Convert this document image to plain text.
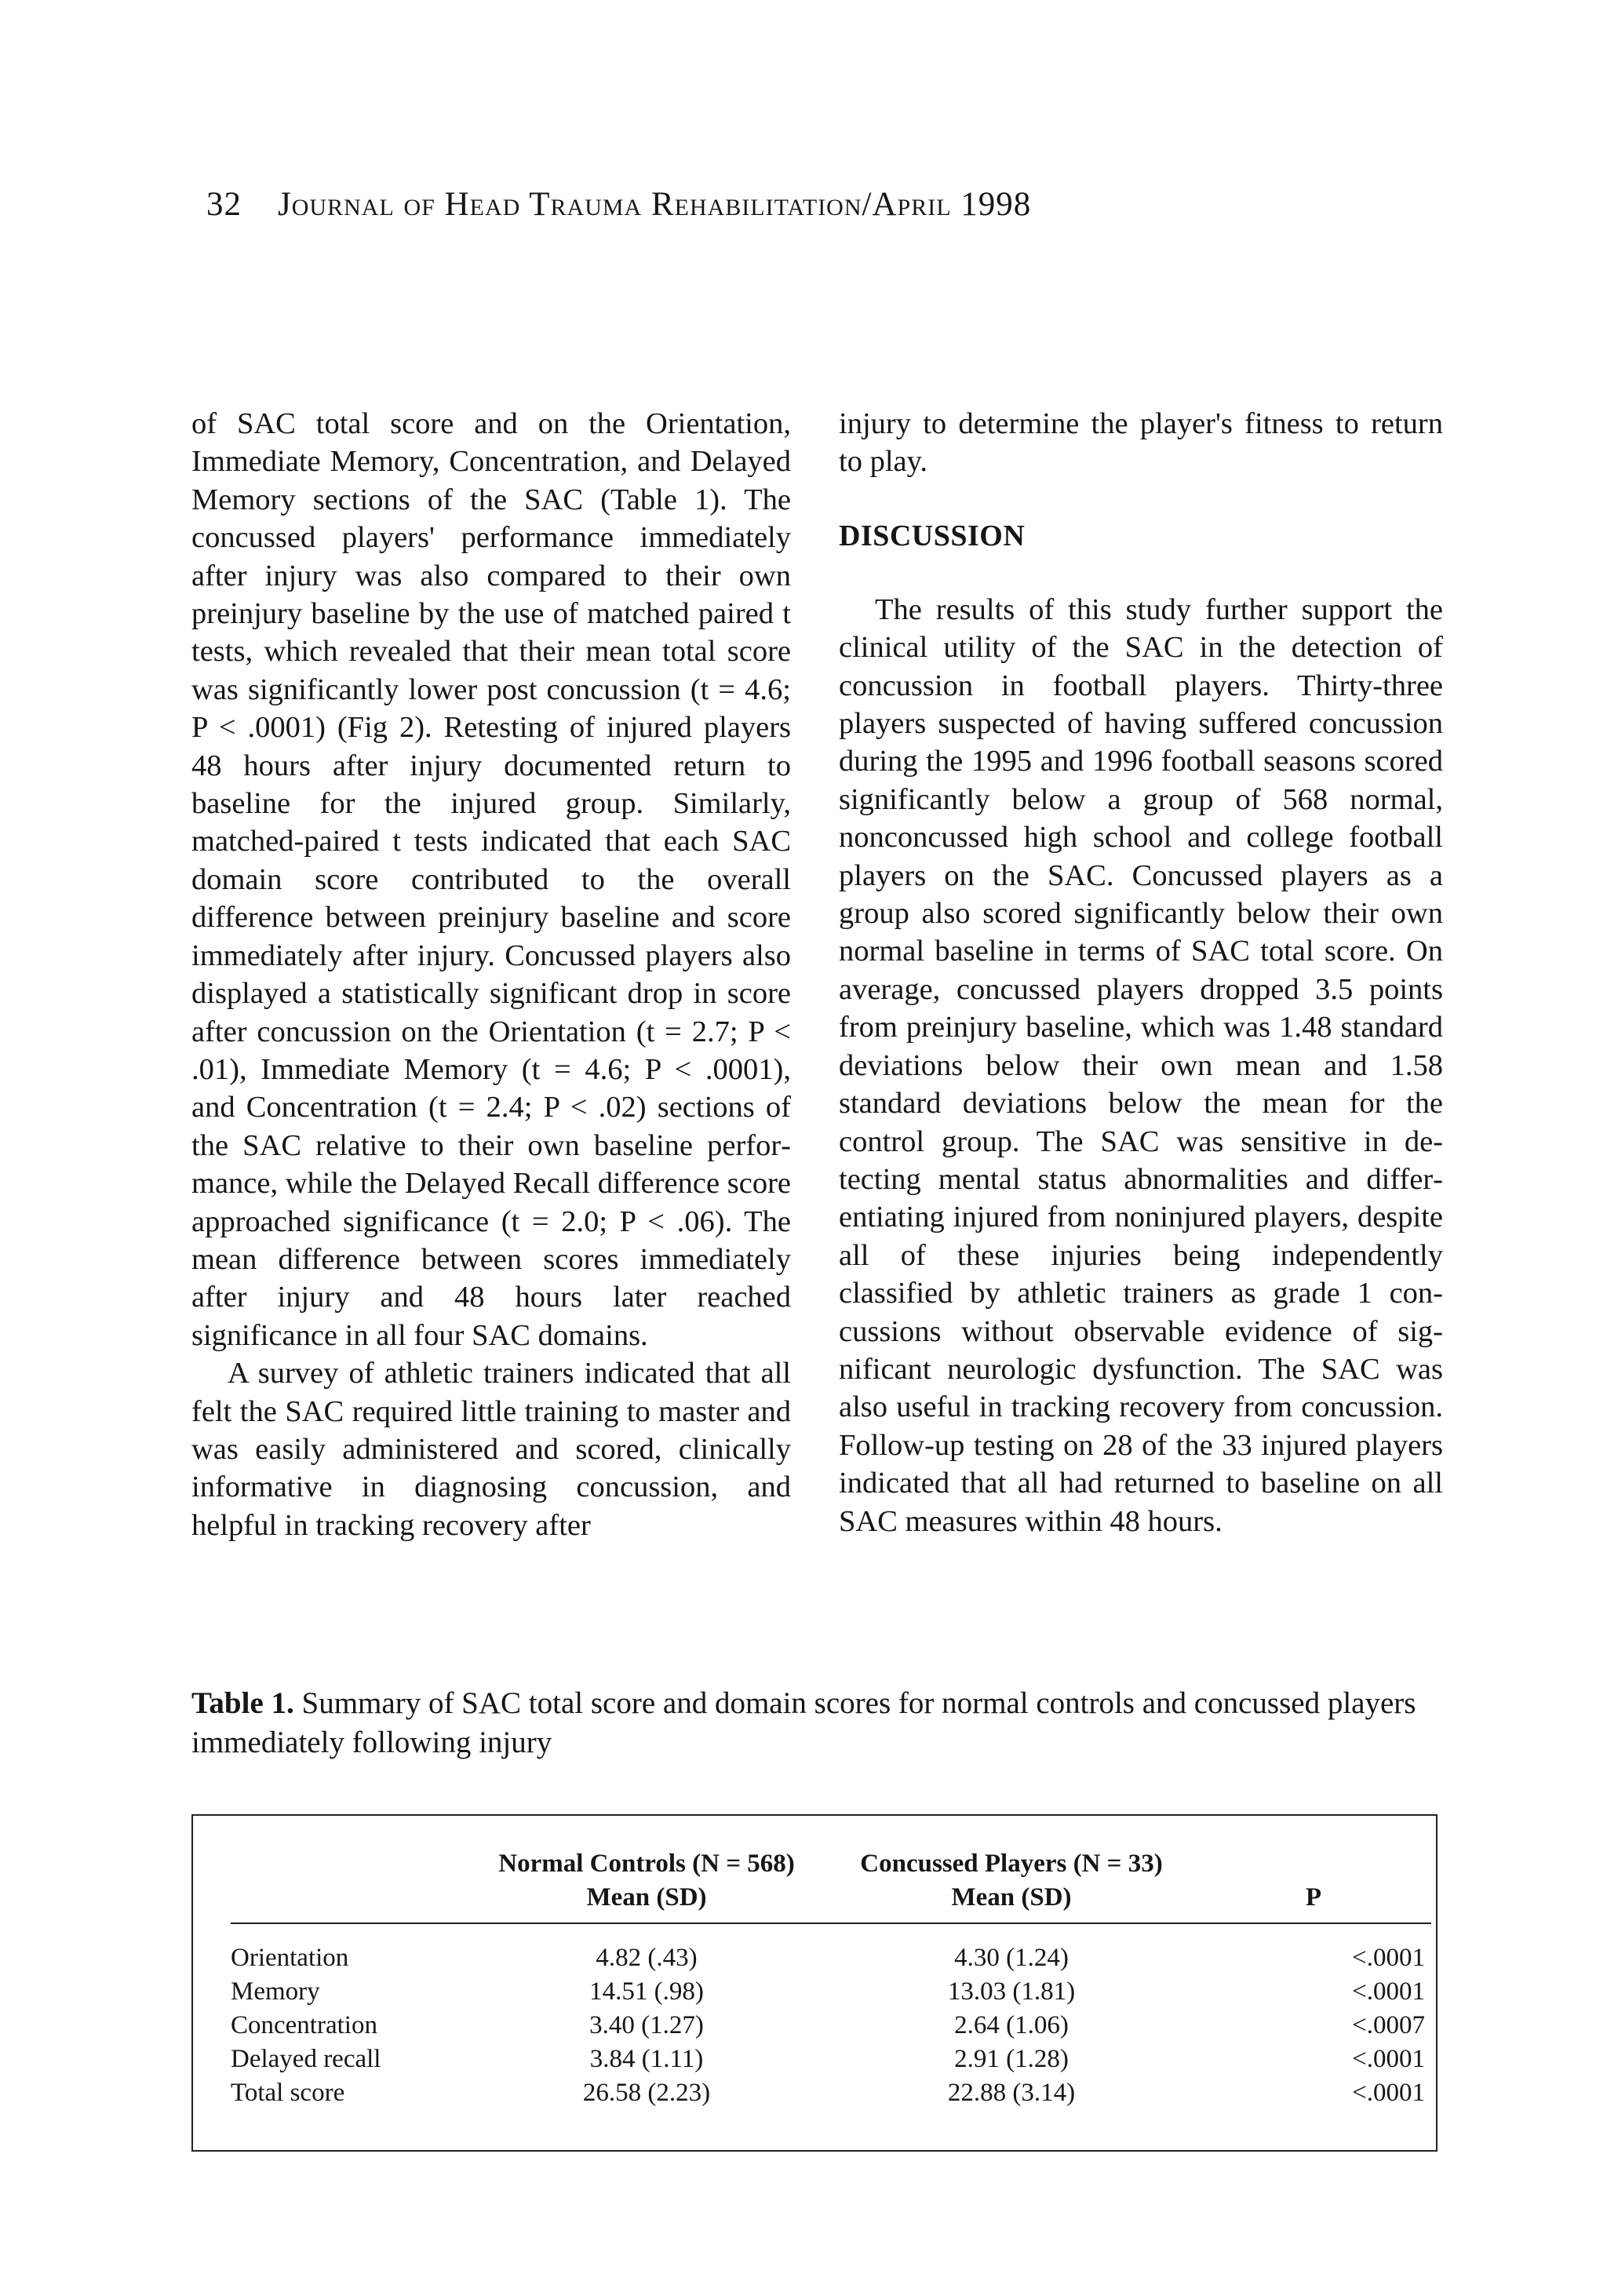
32 Journal of Head Trauma Rehabilitation/April 1998

of SAC total score and on the Orientation, Immediate Memory, Concentration, and Delayed Memory sections of the SAC (Table 1). The concussed players' performance immediately after injury was also compared to their own preinjury baseline by the use of matched paired t tests, which revealed that their mean total score was significantly lower post concussion (t = 4.6; P < .0001) (Fig 2). Retesting of injured players 48 hours after injury documented return to baseline for the injured group. Similarly, matched-paired t tests indicated that each SAC domain score contributed to the overall difference between preinjury baseline and score immediately after injury. Concussed players also displayed a statistically significant drop in score after concussion on the Orientation (t = 2.7; P < .01), Immediate Memory (t = 4.6; P < .0001), and Concentration (t = 2.4; P < .02) sections of the SAC relative to their own baseline performance, while the Delayed Recall difference score approached significance (t = 2.0; P < .06). The mean difference between scores immediately after injury and 48 hours later reached significance in all four SAC domains.

A survey of athletic trainers indicated that all felt the SAC required little training to master and was easily administered and scored, clinically informative in diagnosing concussion, and helpful in tracking recovery after

injury to determine the player's fitness to return to play.

DISCUSSION

The results of this study further support the clinical utility of the SAC in the detection of concussion in football players. Thirty-three players suspected of having suffered concussion during the 1995 and 1996 football seasons scored significantly below a group of 568 normal, nonconcussed high school and college football players on the SAC. Concussed players as a group also scored significantly below their own normal baseline in terms of SAC total score. On average, concussed players dropped 3.5 points from preinjury baseline, which was 1.48 standard deviations below their own mean and 1.58 standard deviations below the mean for the control group. The SAC was sensitive in detecting mental status abnormalities and differentiating injured from noninjured players, despite all of these injuries being independently classified by athletic trainers as grade 1 concussions without observable evidence of significant neurologic dysfunction. The SAC was also useful in tracking recovery from concussion. Follow-up testing on 28 of the 33 injured players indicated that all had returned to baseline on all SAC measures within 48 hours.

Table 1. Summary of SAC total score and domain scores for normal controls and concussed players immediately following injury
	Normal Controls (N = 568)	Concussed Players (N = 33)	
	Mean (SD)	Mean (SD)	P
Orientation	4.82 (.43)	4.30 (1.24)	<.0001
Memory	14.51 (.98)	13.03 (1.81)	<.0001
Concentration	3.40 (1.27)	2.64 (1.06)	<.0007
Delayed recall	3.84 (1.11)	2.91 (1.28)	<.0001
Total score	26.58 (2.23)	22.88 (3.14)	<.0001
